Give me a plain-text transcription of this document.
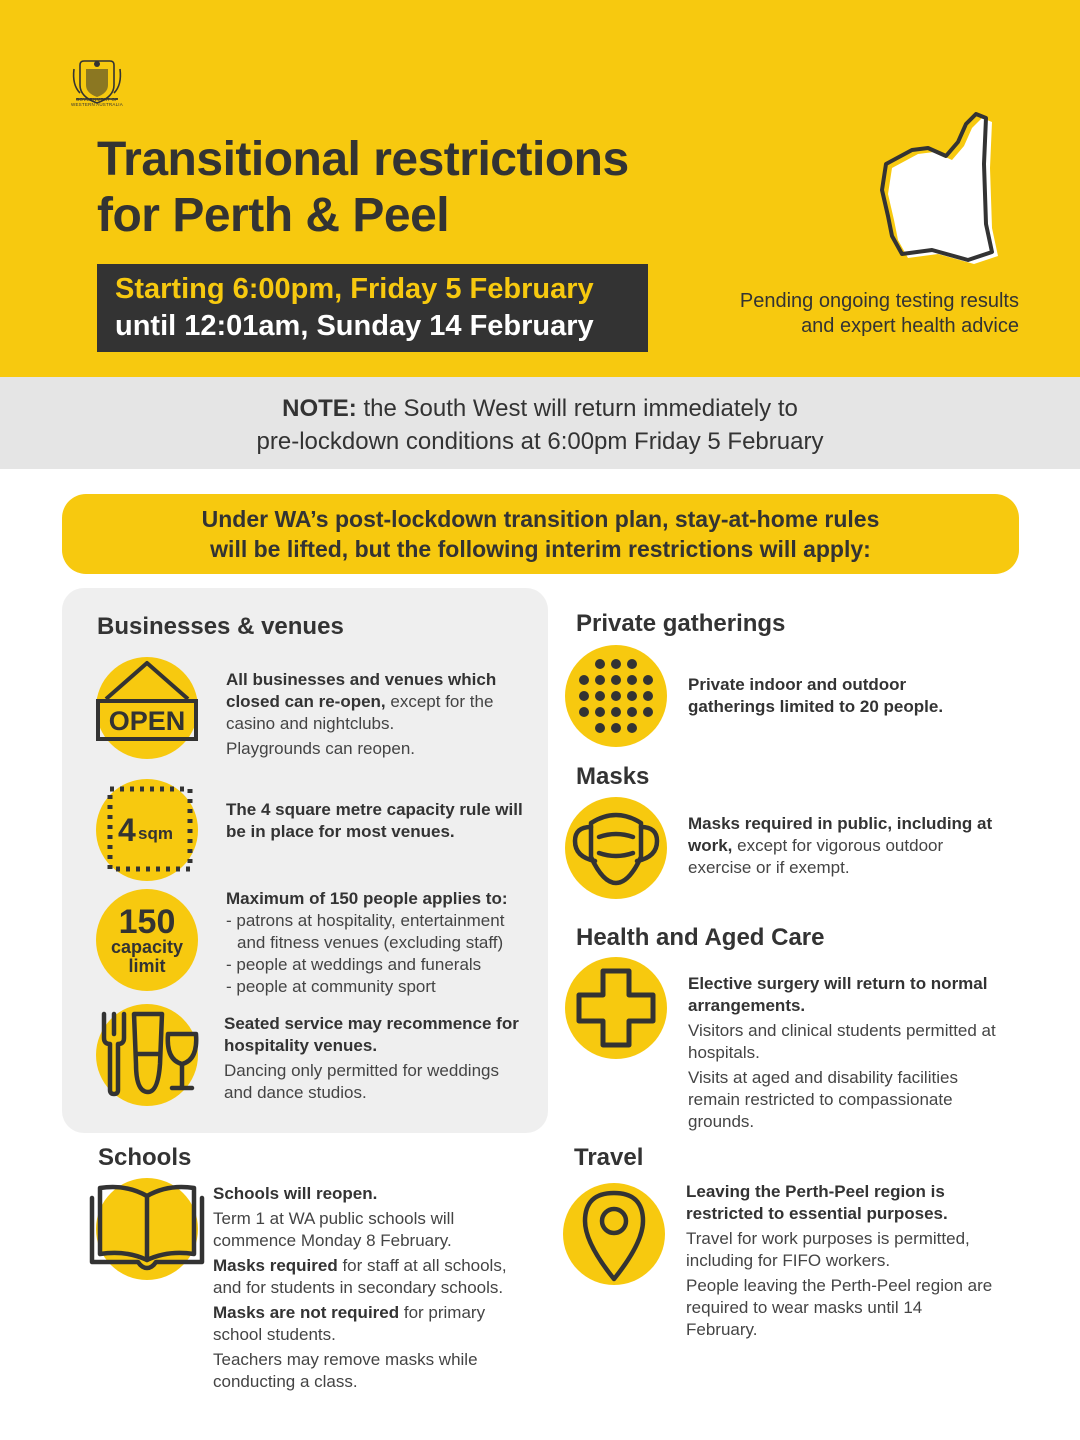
GOVERNMENT OF WESTERN AUSTRALIA
Transitional restrictions
for Perth & Peel
Starting 6:00pm, Friday 5 February
until 12:01am, Sunday 14 February
Pending ongoing testing results
and expert health advice
NOTE: the South West will return immediately to
pre-lockdown conditions at 6:00pm Friday 5 February
Under WA’s post-lockdown transition plan, stay-at-home rules
will be lifted, but the following interim restrictions will apply:
Businesses & venues
OPEN

All businesses and venues which closed can re-open, except for the casino and nightclubs.

Playgrounds can reopen.

4 sqm

The 4 square metre capacity rule will be in place for most venues.

150
capacity
limit
Maximum of 150 people applies to:
- patrons at hospitality, entertainment
and fitness venues (excluding staff)
- people at weddings and funerals
- people at community sport

Seated service may recommence for hospitality venues.

Dancing only permitted for weddings and dance studios.

Private gatherings

Private indoor and outdoor gatherings limited to 20 people.

Masks

Masks required in public, including at work, except for vigorous outdoor exercise or if exempt.

Health and Aged Care

Elective surgery will return to normal arrangements.

Visitors and clinical students permitted at hospitals.

Visits at aged and disability facilities remain restricted to compassionate grounds.

Schools

Schools will reopen.

Term 1 at WA public schools will commence Monday 8 February.

Masks required for staff at all schools, and for students in secondary schools.

Masks are not required for primary school students.

Teachers may remove masks while conducting a class.

Travel

Leaving the Perth-Peel region is restricted to essential purposes.

Travel for work purposes is permitted, including for FIFO workers.

People leaving the Perth-Peel region are required to wear masks until 14 February.
